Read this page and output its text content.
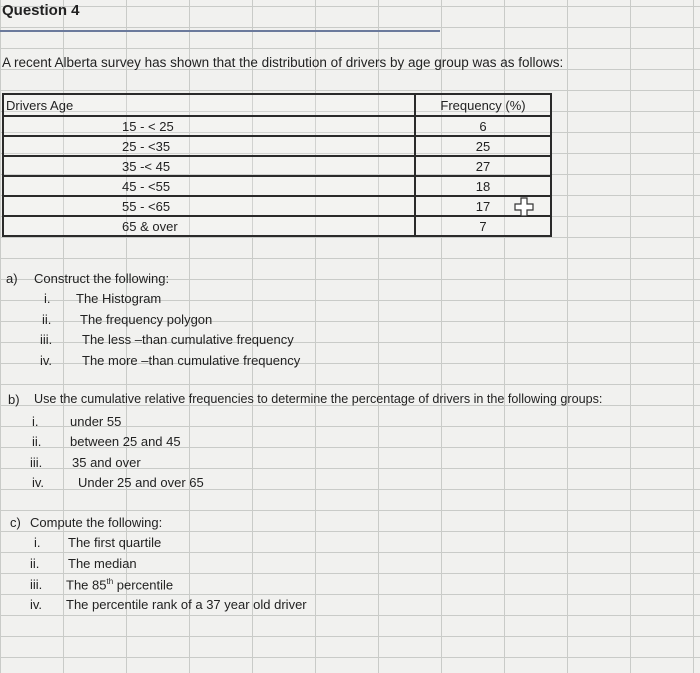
Question 4
A recent Alberta survey has shown that the distribution of drivers by age group was as follows:
Drivers Age	Frequency (%)
15 - < 25	6
25 - <35	25
35 -< 45	27
45 - <55	18
55 - <65	17
65 & over	7
a) Construct the following:
i. The Histogram
ii. The frequency polygon
iii. The less –than cumulative frequency
iv. The more –than cumulative frequency
b) Use the cumulative relative frequencies to determine the percentage of drivers in the following groups:
i. under 55
ii. between 25 and 45
iii. 35 and over
iv.	Under 25 and over 65
c) Compute the following:
i. The first quartile
ii. The median
iii. The 85th percentile
iv. The percentile rank of a 37 year old driver
